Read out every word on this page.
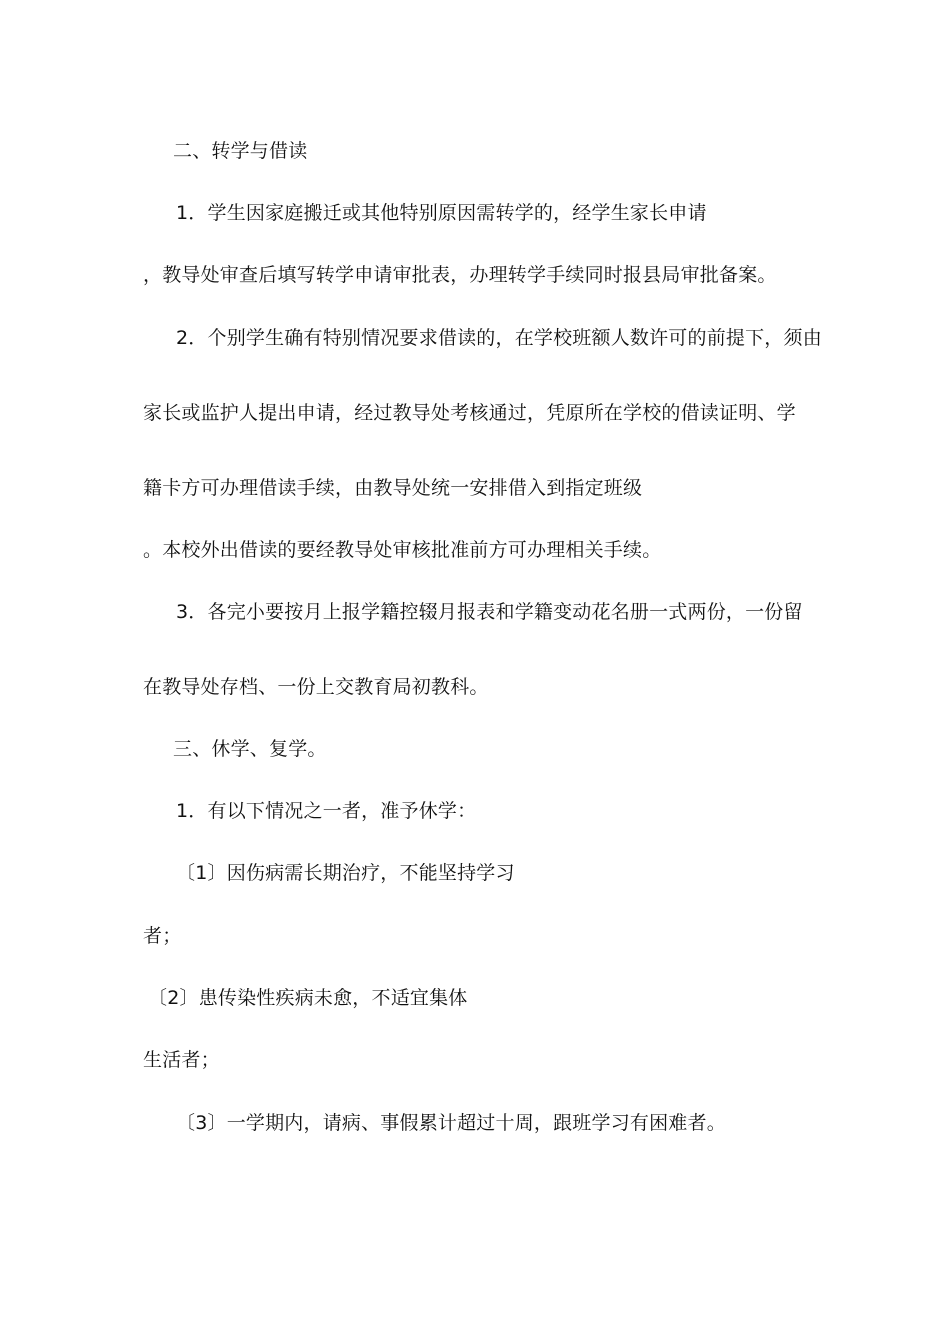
二、转学与借读
1．学生因家庭搬迁或其他特别原因需转学的，经学生家长申请
，教导处审查后填写转学申请审批表，办理转学手续同时报县局审批备案。
2．个别学生确有特别情况要求借读的，在学校班额人数许可的前提下，须由
家长或监护人提出申请，经过教导处考核通过，凭原所在学校的借读证明、学
籍卡方可办理借读手续，由教导处统一安排借入到指定班级
。本校外出借读的要经教导处审核批准前方可办理相关手续。
3．各完小要按月上报学籍控辍月报表和学籍变动花名册一式两份，一份留
在教导处存档、一份上交教育局初教科。
三、休学、复学。
1．有以下情况之一者，准予休学：
〔1〕因伤病需长期治疗，不能坚持学习
者；
〔2〕患传染性疾病未愈，不适宜集体
生活者；
〔3〕一学期内，请病、事假累计超过十周，跟班学习有困难者。
